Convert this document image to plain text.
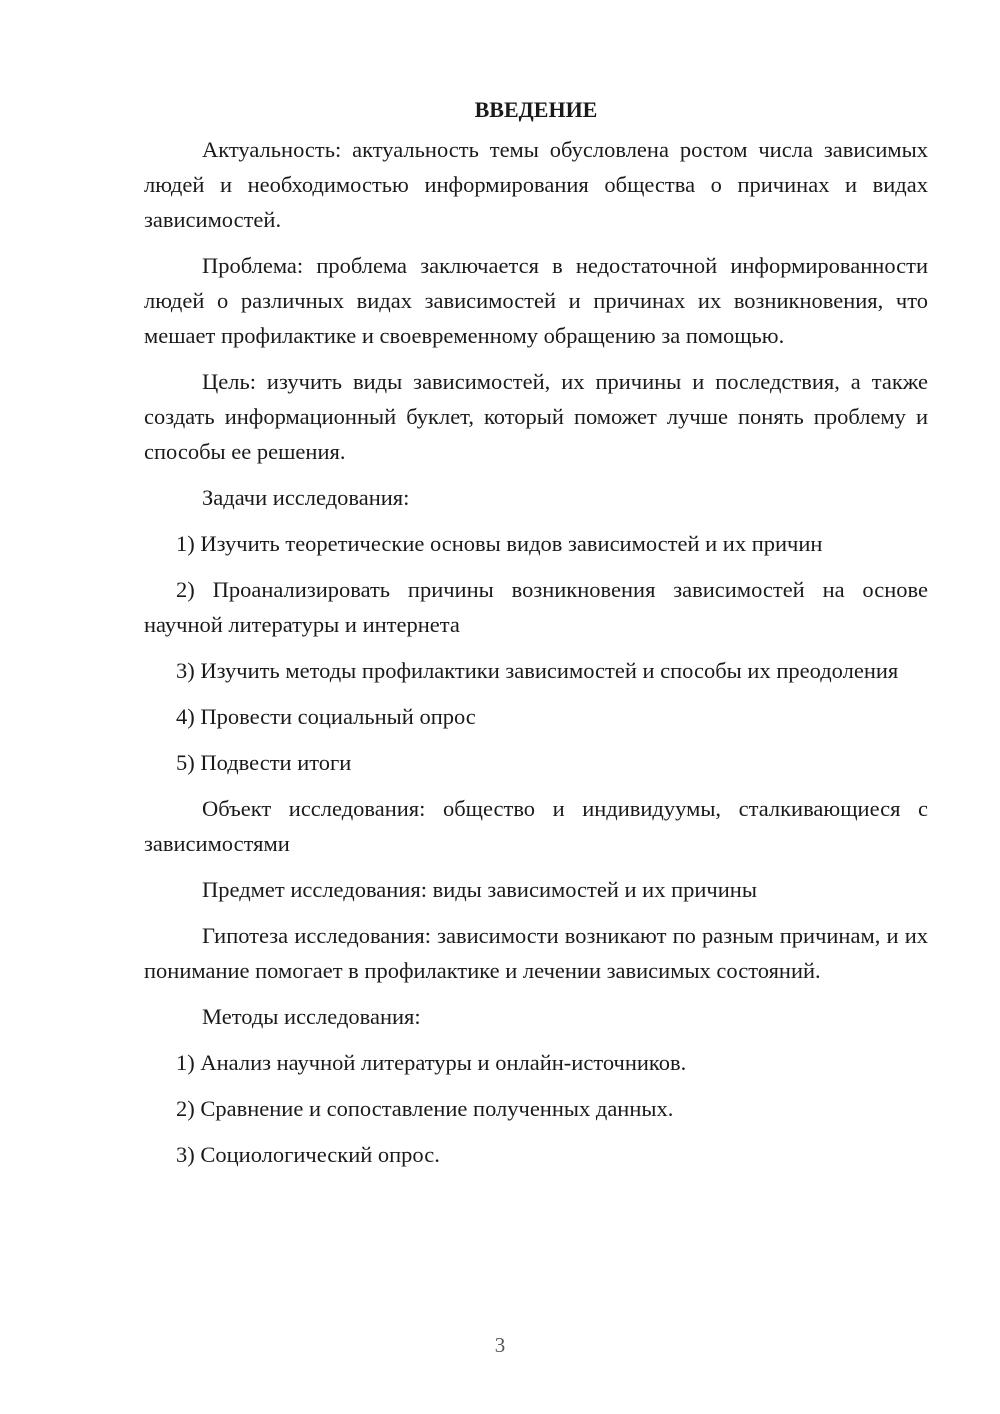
ВВЕДЕНИЕ

Актуальность: актуальность темы обусловлена ростом числа зависимых людей и необходимостью информирования общества о причинах и видах зависимостей.

Проблема: проблема заключается в недостаточной информированности людей о различных видах зависимостей и причинах их возникновения, что мешает профилактике и своевременному обращению за помощью.

Цель: изучить виды зависимостей, их причины и последствия, а также создать информационный буклет, который поможет лучше понять проблему и способы ее решения.

Задачи исследования:

1) Изучить теоретические основы видов зависимостей и их причин

2) Проанализировать причины возникновения зависимостей на основе научной литературы и интернета

3) Изучить методы профилактики зависимостей и способы их преодоления

4) Провести социальный опрос

5) Подвести итоги

Объект исследования: общество и индивидуумы, сталкивающиеся с зависимостями

Предмет исследования: виды зависимостей и их причины

Гипотеза исследования: зависимости возникают по разным причинам, и их понимание помогает в профилактике и лечении зависимых состояний.

Методы исследования:

1) Анализ научной литературы и онлайн-источников.

2) Сравнение и сопоставление полученных данных.

3) Социологический опрос.

3
